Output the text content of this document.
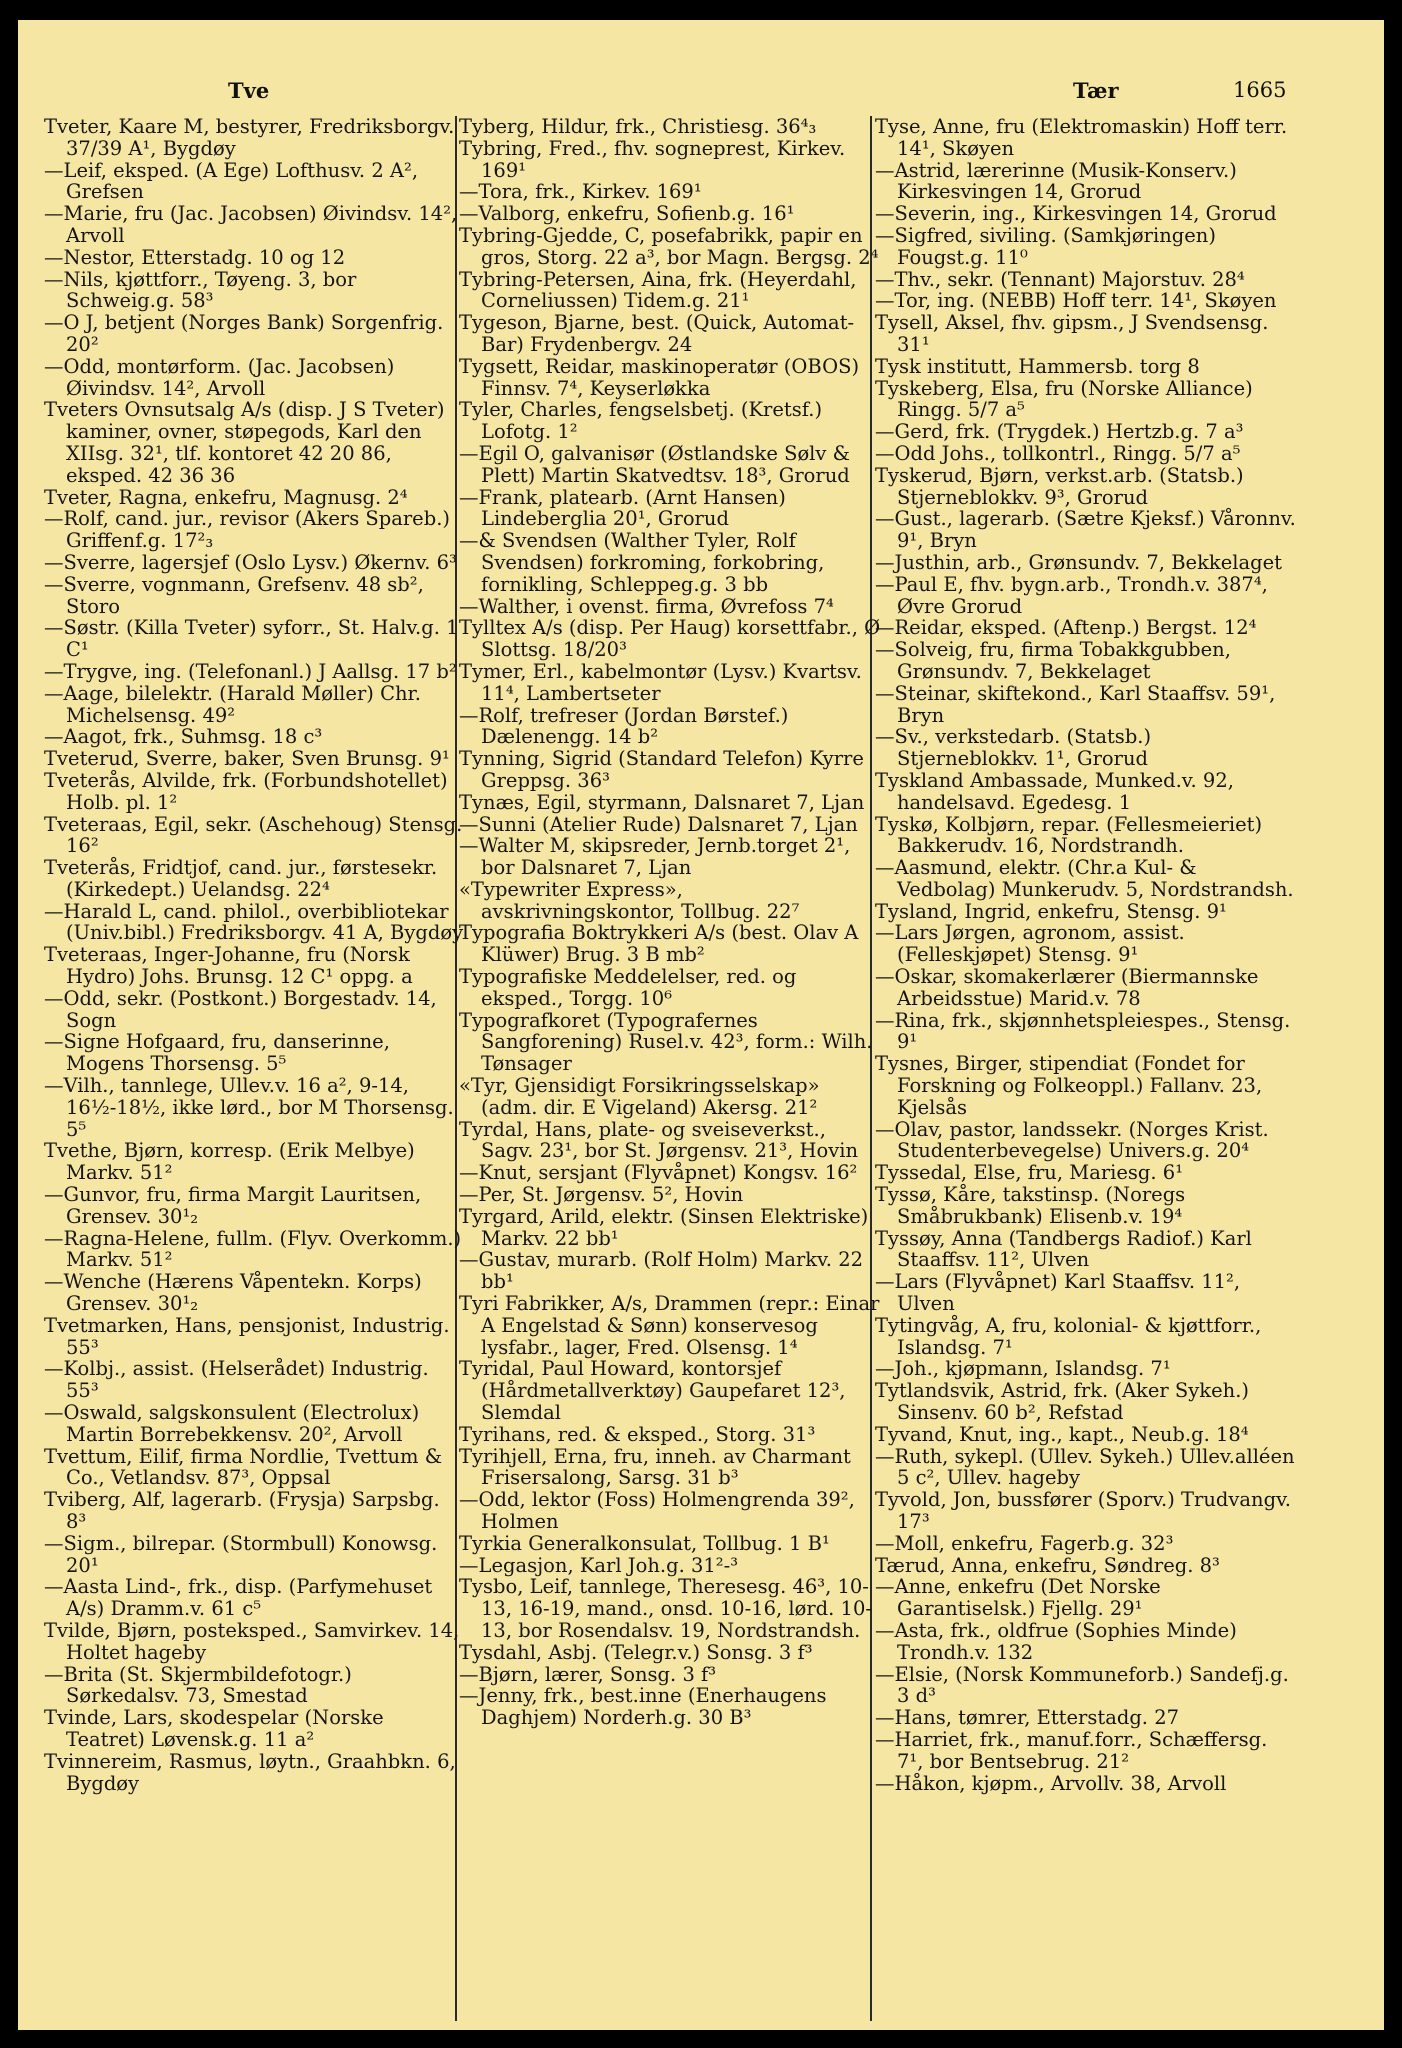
Tve	Tær	1665

Tveter, Kaare M, bestyrer, Fredriksborgv. 37/39 A¹, Bygdøy

—Leif, eksped. (A Ege) Lofthusv. 2 A², Grefsen

—Marie, fru (Jac. Jacobsen) Øivindsv. 14², Arvoll

—Nestor, Etterstadg. 10 og 12

—Nils, kjøttforr., Tøyeng. 3, bor Schweig.g. 58³

—O J, betjent (Norges Bank) Sorgenfrig. 20²

—Odd, montørform. (Jac. Jacobsen) Øivindsv. 14², Arvoll

Tveters Ovnsutsalg A/s (disp. J S Tveter) kaminer, ovner, støpegods, Karl den XIIsg. 32¹, tlf. kontoret 42 20 86, eksped. 42 36 36

Tveter, Ragna, enkefru, Magnusg. 2⁴

—Rolf, cand. jur., revisor (Akers Spareb.) Griffenf.g. 17²₃

—Sverre, lagersjef (Oslo Lysv.) Økernv. 6³

—Sverre, vognmann, Grefsenv. 48 sb², Storo

—Søstr. (Killa Tveter) syforr., St. Halv.g. 1 C¹

—Trygve, ing. (Telefonanl.) J Aallsg. 17 b²

—Aage, bilelektr. (Harald Møller) Chr. Michelsensg. 49²

—Aagot, frk., Suhmsg. 18 c³

Tveterud, Sverre, baker, Sven Brunsg. 9¹

Tveterås, Alvilde, frk. (Forbundshotellet) Holb. pl. 1²

Tveteraas, Egil, sekr. (Aschehoug) Stensg. 16²

Tveterås, Fridtjof, cand. jur., førstesekr. (Kirkedept.) Uelandsg. 22⁴

—Harald L, cand. philol., overbibliotekar (Univ.bibl.) Fredriksborgv. 41 A, Bygdøy

Tveteraas, Inger-Johanne, fru (Norsk Hydro) Johs. Brunsg. 12 C¹ oppg. a

—Odd, sekr. (Postkont.) Borgestadv. 14, Sogn

—Signe Hofgaard, fru, danserinne, Mogens Thorsensg. 5⁵

—Vilh., tannlege, Ullev.v. 16 a², 9-14, 16½-18½, ikke lørd., bor M Thorsensg. 5⁵

Tvethe, Bjørn, korresp. (Erik Melbye) Markv. 51²

—Gunvor, fru, firma Margit Lauritsen, Grensev. 30¹₂

—Ragna-Helene, fullm. (Flyv. Overkomm.) Markv. 51²

—Wenche (Hærens Våpentekn. Korps) Grensev. 30¹₂

Tvetmarken, Hans, pensjonist, Industrig. 55³

—Kolbj., assist. (Helserådet) Industrig. 55³

—Oswald, salgskonsulent (Electrolux) Martin Borrebekkensv. 20², Arvoll

Tvettum, Eilif, firma Nordlie, Tvettum & Co., Vetlandsv. 87³, Oppsal

Tviberg, Alf, lagerarb. (Frysja) Sarpsbg. 8³

—Sigm., bilrepar. (Stormbull) Konowsg. 20¹

—Aasta Lind-, frk., disp. (Parfymehuset A/s) Dramm.v. 61 c⁵

Tvilde, Bjørn, posteksped., Samvirkev. 14, Holtet hageby

—Brita (St. Skjermbildefotogr.) Sørkedalsv. 73, Smestad

Tvinde, Lars, skodespelar (Norske Teatret) Løvensk.g. 11 a²

Tvinnereim, Rasmus, løytn., Graahbkn. 6, Bygdøy

Tyberg, Hildur, frk., Christiesg. 36⁴₃

Tybring, Fred., fhv. sogneprest, Kirkev. 169¹

—Tora, frk., Kirkev. 169¹

—Valborg, enkefru, Sofienb.g. 16¹

Tybring-Gjedde, C, posefabrikk, papir en gros, Storg. 22 a³, bor Magn. Bergsg. 2⁴

Tybring-Petersen, Aina, frk. (Heyerdahl, Corneliussen) Tidem.g. 21¹

Tygeson, Bjarne, best. (Quick, Automat-Bar) Frydenbergv. 24

Tygsett, Reidar, maskinoperatør (OBOS) Finnsv. 7⁴, Keyserløkka

Tyler, Charles, fengselsbetj. (Kretsf.) Lofotg. 1²

—Egil O, galvanisør (Østlandske Sølv & Plett) Martin Skatvedtsv. 18³, Grorud

—Frank, platearb. (Arnt Hansen) Lindeberglia 20¹, Grorud

—& Svendsen (Walther Tyler, Rolf Svendsen) forkroming, forkobring, fornikling, Schleppeg.g. 3 bb

—Walther, i ovenst. firma, Øvrefoss 7⁴

Tylltex A/s (disp. Per Haug) korsettfabr., Ø Slottsg. 18/20³

Tymer, Erl., kabelmontør (Lysv.) Kvartsv. 11⁴, Lambertseter

—Rolf, trefreser (Jordan Børstef.) Dælenengg. 14 b²

Tynning, Sigrid (Standard Telefon) Kyrre Greppsg. 36³

Tynæs, Egil, styrmann, Dalsnaret 7, Ljan

—Sunni (Atelier Rude) Dalsnaret 7, Ljan

—Walter M, skipsreder, Jernb.torget 2¹, bor Dalsnaret 7, Ljan

«Typewriter Express», avskrivningskontor, Tollbug. 22⁷

Typografia Boktrykkeri A/s (best. Olav A Klüwer) Brug. 3 B mb²

Typografiske Meddelelser, red. og eksped., Torgg. 10⁶

Typografkoret (Typografernes Sangforening) Rusel.v. 42³, form.: Wilh. Tønsager

«Tyr, Gjensidigt Forsikringsselskap» (adm. dir. E Vigeland) Akersg. 21²

Tyrdal, Hans, plate- og sveiseverkst., Sagv. 23¹, bor St. Jørgensv. 21³, Hovin

—Knut, sersjant (Flyvåpnet) Kongsv. 16²

—Per, St. Jørgensv. 5², Hovin

Tyrgard, Arild, elektr. (Sinsen Elektriske) Markv. 22 bb¹

—Gustav, murarb. (Rolf Holm) Markv. 22 bb¹

Tyri Fabrikker, A/s, Drammen (repr.: Einar A Engelstad & Sønn) konservesog lysfabr., lager, Fred. Olsensg. 1⁴

Tyridal, Paul Howard, kontorsjef (Hårdmetallverktøy) Gaupefaret 12³, Slemdal

Tyrihans, red. & eksped., Storg. 31³

Tyrihjell, Erna, fru, inneh. av Charmant Frisersalong, Sarsg. 31 b³

—Odd, lektor (Foss) Holmengrenda 39², Holmen

Tyrkia Generalkonsulat, Tollbug. 1 B¹

—Legasjon, Karl Joh.g. 31²-³

Tysbo, Leif, tannlege, Theresesg. 46³, 10-13, 16-19, mand., onsd. 10-16, lørd. 10-13, bor Rosendalsv. 19, Nordstrandsh.

Tysdahl, Asbj. (Telegr.v.) Sonsg. 3 f³

—Bjørn, lærer, Sonsg. 3 f³

—Jenny, frk., best.inne (Enerhaugens Daghjem) Norderh.g. 30 B³

Tyse, Anne, fru (Elektromaskin) Hoff terr. 14¹, Skøyen

—Astrid, lærerinne (Musik-Konserv.) Kirkesvingen 14, Grorud

—Severin, ing., Kirkesvingen 14, Grorud

—Sigfred, siviling. (Samkjøringen) Fougst.g. 11⁰

—Thv., sekr. (Tennant) Majorstuv. 28⁴

—Tor, ing. (NEBB) Hoff terr. 14¹, Skøyen

Tysell, Aksel, fhv. gipsm., J Svendsensg. 31¹

Tysk institutt, Hammersb. torg 8

Tyskeberg, Elsa, fru (Norske Alliance) Ringg. 5/7 a⁵

—Gerd, frk. (Trygdek.) Hertzb.g. 7 a³

—Odd Johs., tollkontrl., Ringg. 5/7 a⁵

Tyskerud, Bjørn, verkst.arb. (Statsb.) Stjerneblokkv. 9³, Grorud

—Gust., lagerarb. (Sætre Kjeksf.) Våronnv. 9¹, Bryn

—Justhin, arb., Grønsundv. 7, Bekkelaget

—Paul E, fhv. bygn.arb., Trondh.v. 387⁴, Øvre Grorud

—Reidar, eksped. (Aftenp.) Bergst. 12⁴

—Solveig, fru, firma Tobakkgubben, Grønsundv. 7, Bekkelaget

—Steinar, skiftekond., Karl Staaffsv. 59¹, Bryn

—Sv., verkstedarb. (Statsb.) Stjerneblokkv. 1¹, Grorud

Tyskland Ambassade, Munked.v. 92, handelsavd. Egedesg. 1

Tyskø, Kolbjørn, repar. (Fellesmeieriet) Bakkerudv. 16, Nordstrandh.

—Aasmund, elektr. (Chr.a Kul- & Vedbolag) Munkerudv. 5, Nordstrandsh.

Tysland, Ingrid, enkefru, Stensg. 9¹

—Lars Jørgen, agronom, assist. (Felleskjøpet) Stensg. 9¹

—Oskar, skomakerlærer (Biermannske Arbeidsstue) Marid.v. 78

—Rina, frk., skjønnhetspleiespes., Stensg. 9¹

Tysnes, Birger, stipendiat (Fondet for Forskning og Folkeoppl.) Fallanv. 23, Kjelsås

—Olav, pastor, landssekr. (Norges Krist. Studenterbevegelse) Univers.g. 20⁴

Tyssedal, Else, fru, Mariesg. 6¹

Tyssø, Kåre, takstinsp. (Noregs Småbrukbank) Elisenb.v. 19⁴

Tyssøy, Anna (Tandbergs Radiof.) Karl Staaffsv. 11², Ulven

—Lars (Flyvåpnet) Karl Staaffsv. 11², Ulven

Tytingvåg, A, fru, kolonial- & kjøttforr., Islandsg. 7¹

—Joh., kjøpmann, Islandsg. 7¹

Tytlandsvik, Astrid, frk. (Aker Sykeh.) Sinsenv. 60 b², Refstad

Tyvand, Knut, ing., kapt., Neub.g. 18⁴

—Ruth, sykepl. (Ullev. Sykeh.) Ullev.alléen 5 c², Ullev. hageby

Tyvold, Jon, bussfører (Sporv.) Trudvangv. 17³

—Moll, enkefru, Fagerb.g. 32³

Tærud, Anna, enkefru, Søndreg. 8³

—Anne, enkefru (Det Norske Garantiselsk.) Fjellg. 29¹

—Asta, frk., oldfrue (Sophies Minde) Trondh.v. 132

—Elsie, (Norsk Kommuneforb.) Sandefj.g. 3 d³

—Hans, tømrer, Etterstadg. 27

—Harriet, frk., manuf.forr., Schæffersg. 7¹, bor Bentsebrug. 21²

—Håkon, kjøpm., Arvollv. 38, Arvoll
